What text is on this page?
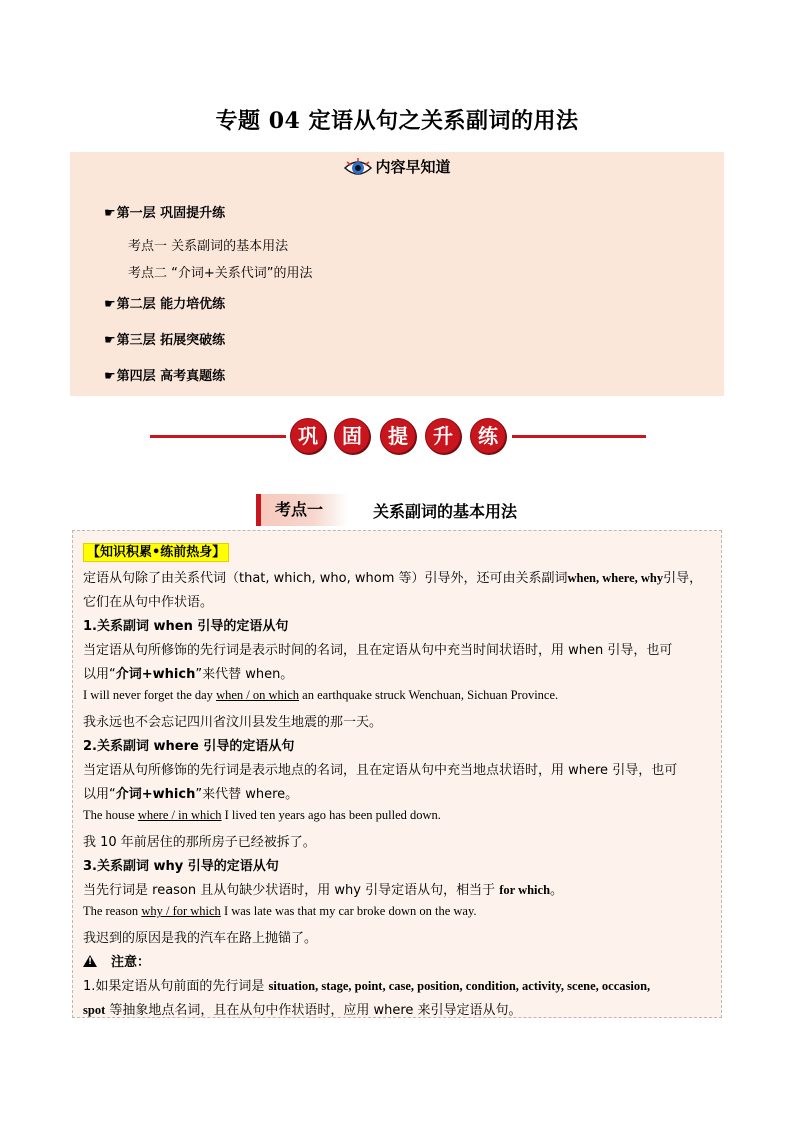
专题 04 定语从句之关系副词的用法
内容早知道
☛第一层 巩固提升练
考点一 关系副词的基本用法
考点二 “介词+关系代词”的用法
☛第二层 能力培优练
☛第三层 拓展突破练
☛第四层 高考真题练
巩	固	提	升	练
考点一	关系副词的基本用法
【知识积累•练前热身】
定语从句除了由关系代词（that, which, who, whom 等）引导外，还可由关系副词when, where, why引导，
它们在从句中作状语。
1.关系副词 when 引导的定语从句
当定语从句所修饰的先行词是表示时间的名词，且在定语从句中充当时间状语时，用 when 引导，也可
以用“介词+which”来代替 when。
I will never forget the day when / on which an earthquake struck Wenchuan, Sichuan Province.
我永远也不会忘记四川省汶川县发生地震的那一天。
2.关系副词 where 引导的定语从句
当定语从句所修饰的先行词是表示地点的名词，且在定语从句中充当地点状语时，用 where 引导，也可
以用“介词+which”来代替 where。
The house where / in which I lived ten years ago has been pulled down.
我 10 年前居住的那所房子已经被拆了。
3.关系副词 why 引导的定语从句
当先行词是 reason 且从句缺少状语时，用 why 引导定语从句，相当于 for which。
The reason why / for which I was late was that my car broke down on the way.
我迟到的原因是我的汽车在路上抛锚了。
!注意：
1.如果定语从句前面的先行词是 situation, stage, point, case, position, condition, activity, scene, occasion,
spot 等抽象地点名词，且在从句中作状语时，应用 where 来引导定语从句。
